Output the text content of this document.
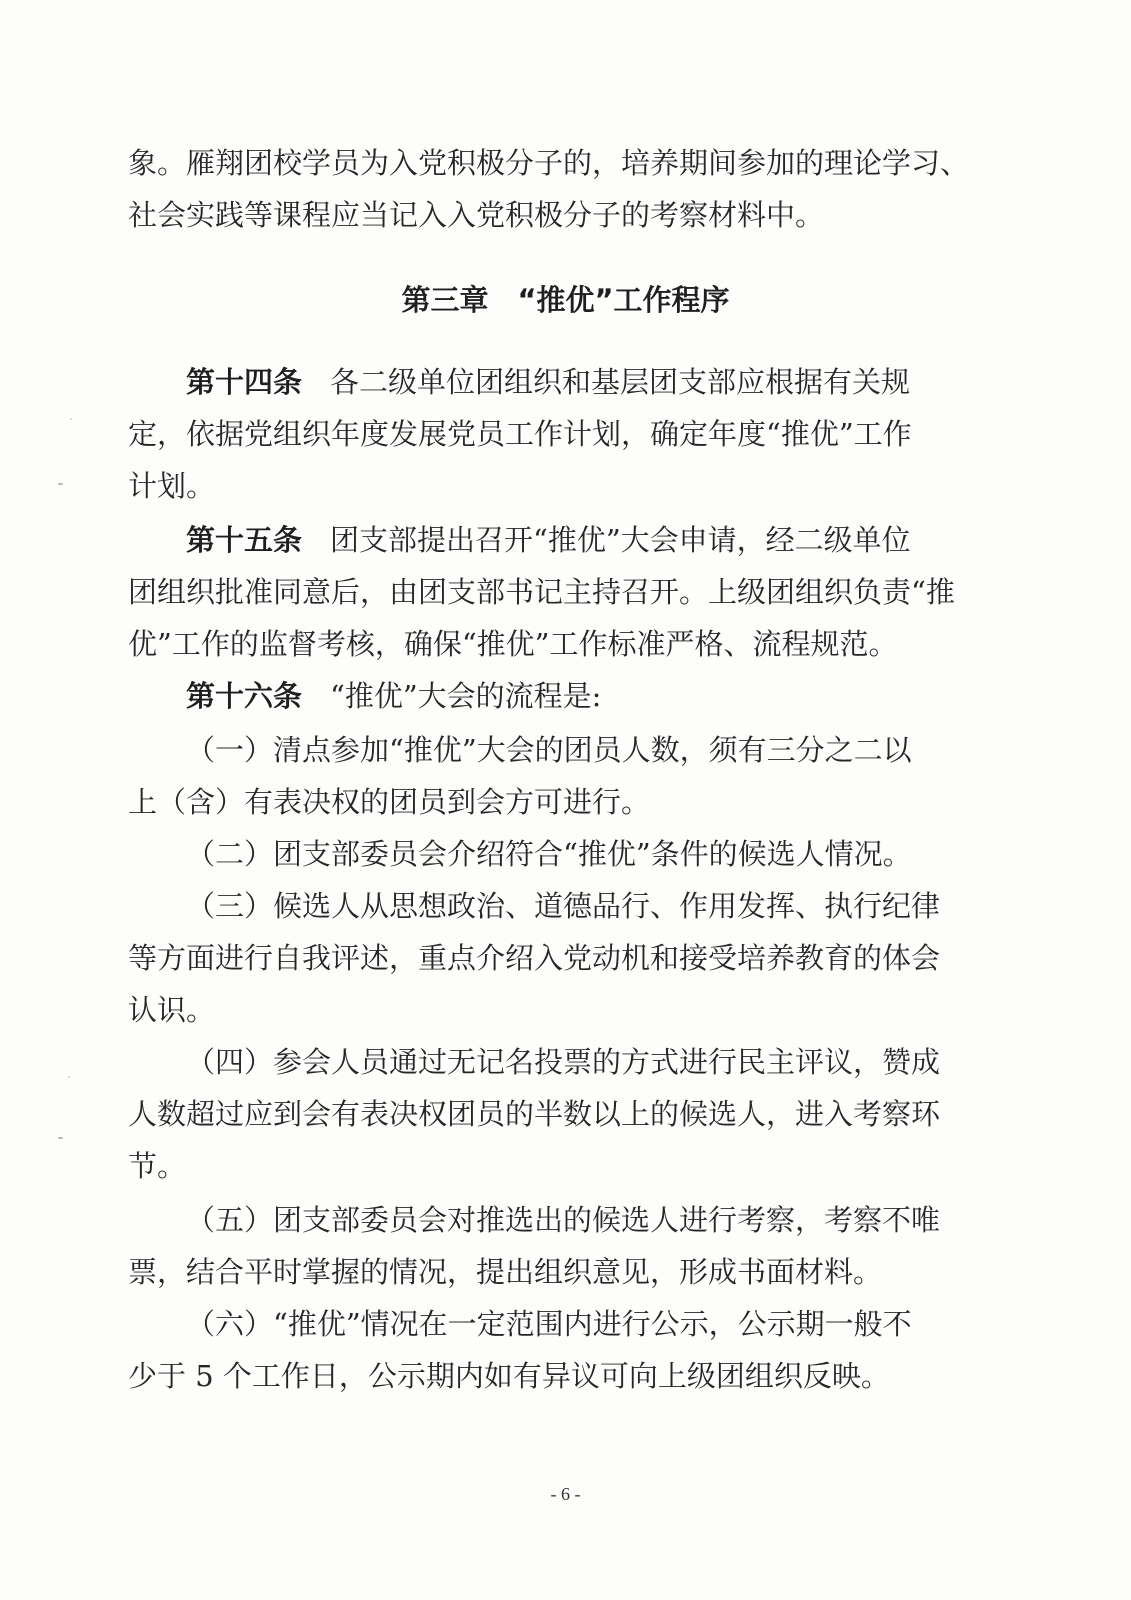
象。雁翔团校学员为入党积极分子的，培养期间参加的理论学习、
社会实践等课程应当记入入党积极分子的考察材料中。
第三章　“推优”工作程序
第十四条 各二级单位团组织和基层团支部应根据有关规
定，依据党组织年度发展党员工作计划，确定年度“推优”工作
计划。
第十五条 团支部提出召开“推优”大会申请，经二级单位
团组织批准同意后，由团支部书记主持召开。上级团组织负责“推
优”工作的监督考核，确保“推优”工作标准严格、流程规范。
第十六条 “推优”大会的流程是:
（一）清点参加“推优”大会的团员人数，须有三分之二以
上（含）有表决权的团员到会方可进行。
（二）团支部委员会介绍符合“推优”条件的候选人情况。
（三）候选人从思想政治、道德品行、作用发挥、执行纪律
等方面进行自我评述，重点介绍入党动机和接受培养教育的体会
认识。
（四）参会人员通过无记名投票的方式进行民主评议，赞成
人数超过应到会有表决权团员的半数以上的候选人，进入考察环
节。
（五）团支部委员会对推选出的候选人进行考察，考察不唯
票，结合平时掌握的情况，提出组织意见，形成书面材料。
（六）“推优”情况在一定范围内进行公示，公示期一般不
少于 5 个工作日，公示期内如有异议可向上级团组织反映。
- 6 -
